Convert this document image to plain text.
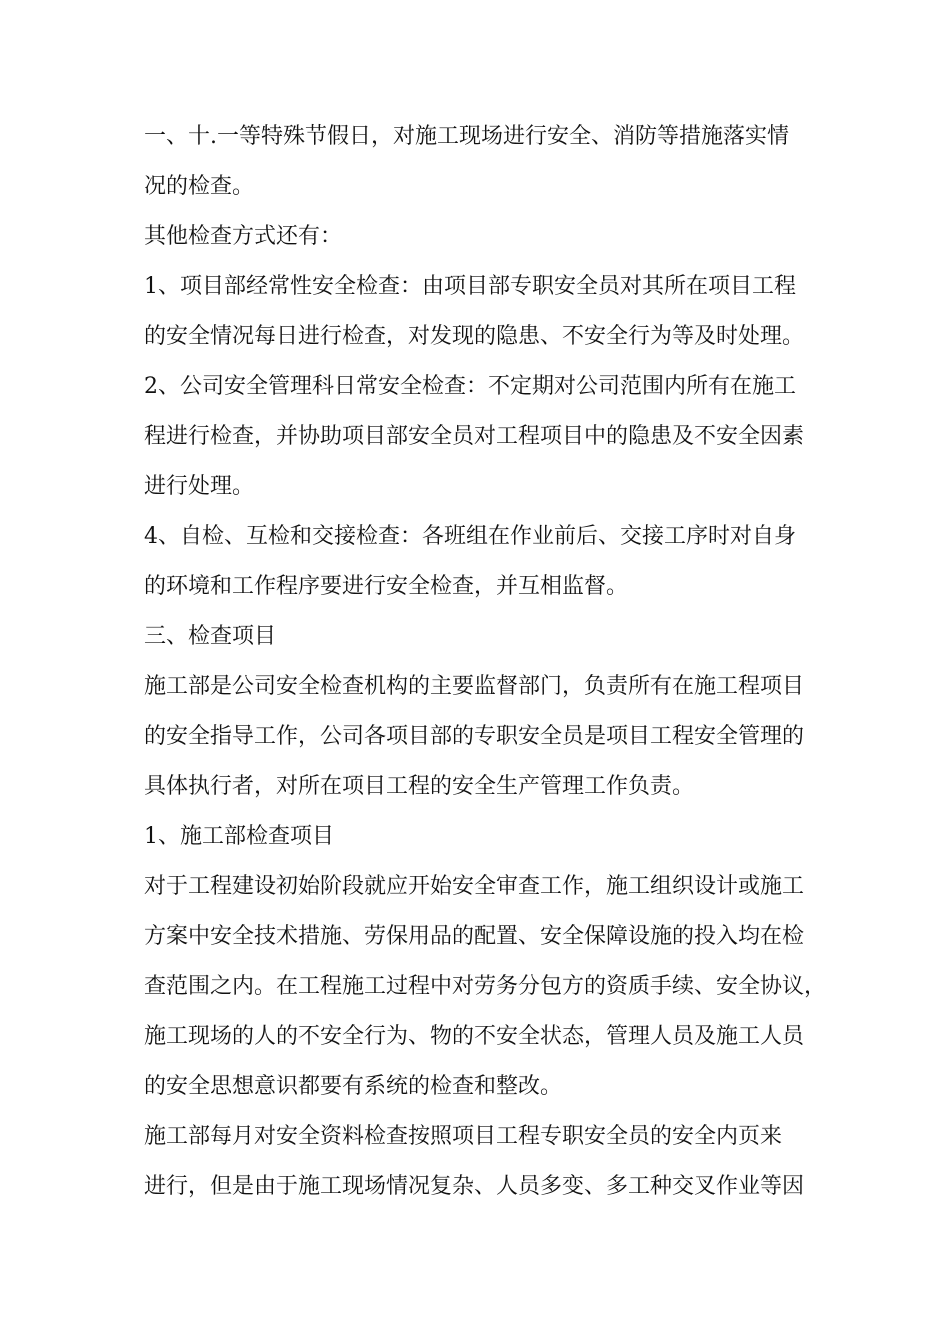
一、十.一等特殊节假日，对施工现场进行安全、消防等措施落实情
况的检查。
其他检查方式还有：
1、项目部经常性安全检查：由项目部专职安全员对其所在项目工程
的安全情况每日进行检查，对发现的隐患、不安全行为等及时处理。
2、公司安全管理科日常安全检查：不定期对公司范围内所有在施工
程进行检查，并协助项目部安全员对工程项目中的隐患及不安全因素
进行处理。
4、自检、互检和交接检查：各班组在作业前后、交接工序时对自身
的环境和工作程序要进行安全检查，并互相监督。
三、检查项目
施工部是公司安全检查机构的主要监督部门，负责所有在施工程项目
的安全指导工作，公司各项目部的专职安全员是项目工程安全管理的
具体执行者，对所在项目工程的安全生产管理工作负责。
1、施工部检查项目
对于工程建设初始阶段就应开始安全审查工作，施工组织设计或施工
方案中安全技术措施、劳保用品的配置、安全保障设施的投入均在检
查范围之内。在工程施工过程中对劳务分包方的资质手续、安全协议，
施工现场的人的不安全行为、物的不安全状态，管理人员及施工人员
的安全思想意识都要有系统的检查和整改。
施工部每月对安全资料检查按照项目工程专职安全员的安全内页来
进行，但是由于施工现场情况复杂、人员多变、多工种交叉作业等因
